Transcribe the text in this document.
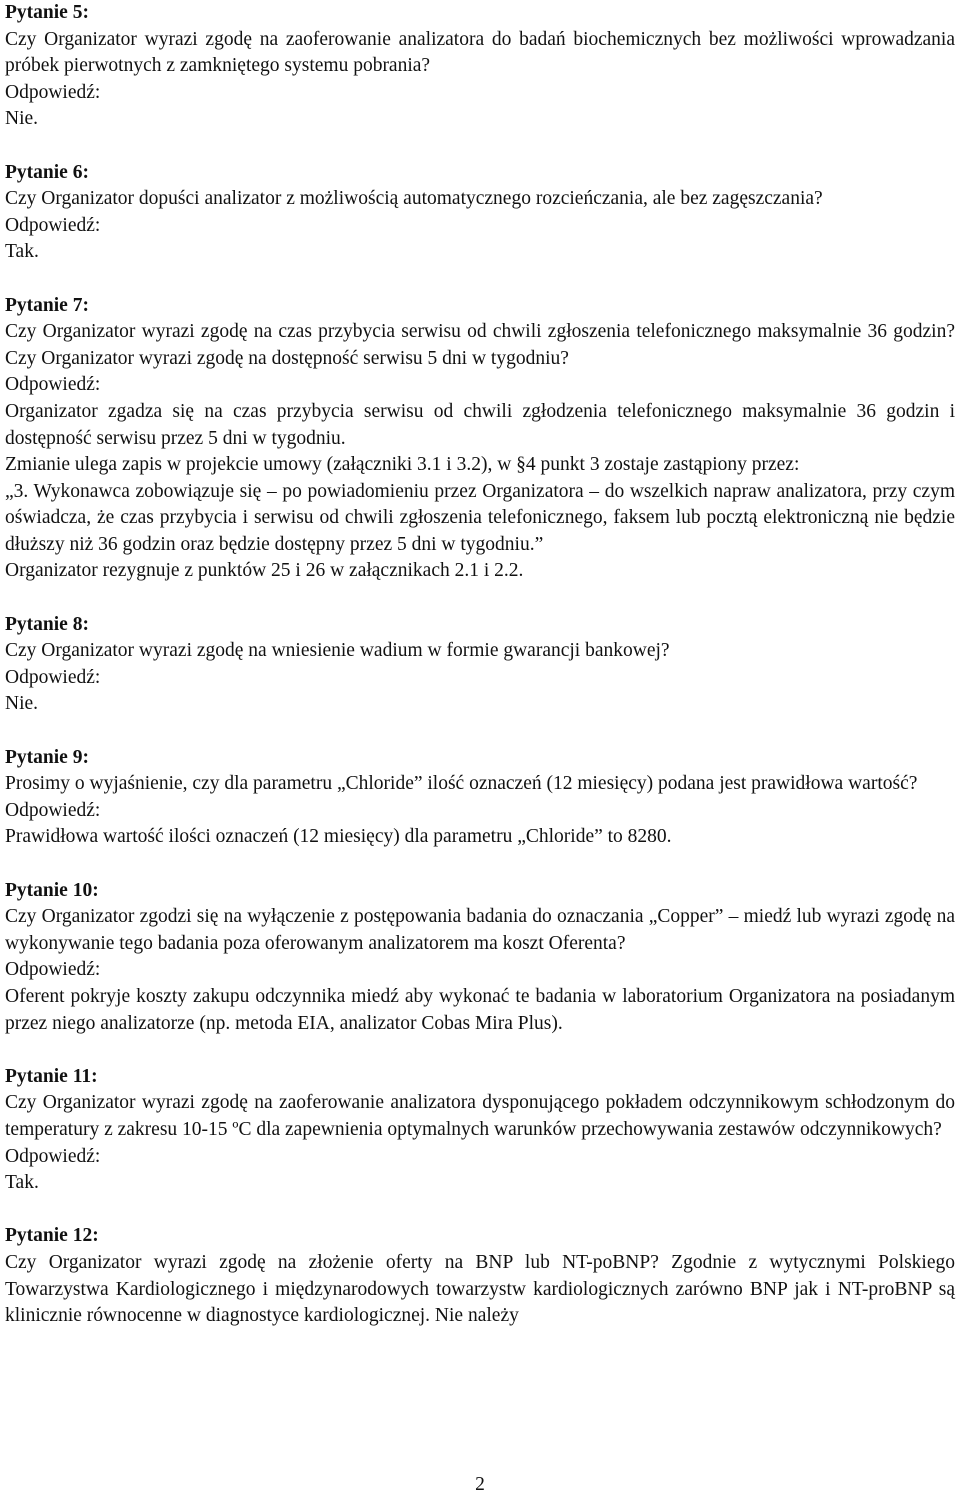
Pytanie 5:

Czy Organizator wyrazi zgodę na zaoferowanie analizatora do badań biochemicznych bez możliwości wprowadzania próbek pierwotnych z zamkniętego systemu pobrania?

Odpowiedź:

Nie.

Pytanie 6:

Czy Organizator dopuści analizator z możliwością automatycznego rozcieńczania, ale bez zagęszczania?

Odpowiedź:

Tak.

Pytanie 7:

Czy Organizator wyrazi zgodę na czas przybycia serwisu od chwili zgłoszenia telefonicznego maksymalnie 36 godzin? Czy Organizator wyrazi zgodę na dostępność serwisu 5 dni w tygodniu?

Odpowiedź:

Organizator zgadza się na czas przybycia serwisu od chwili zgłodzenia telefonicznego maksymalnie 36 godzin i dostępność serwisu przez 5 dni w tygodniu.

Zmianie ulega zapis w projekcie umowy (załączniki 3.1 i 3.2), w §4 punkt 3 zostaje zastąpiony przez:

„3. Wykonawca zobowiązuje się – po powiadomieniu przez Organizatora – do wszelkich napraw analizatora, przy czym oświadcza, że czas przybycia i serwisu od chwili zgłoszenia telefonicznego, faksem lub pocztą elektroniczną nie będzie dłuższy niż 36 godzin oraz będzie dostępny przez 5 dni w tygodniu.”

Organizator rezygnuje z punktów 25 i 26 w załącznikach 2.1 i 2.2.

Pytanie 8:

Czy Organizator wyrazi zgodę na wniesienie wadium w formie gwarancji bankowej?

Odpowiedź:

Nie.

Pytanie 9:

Prosimy o wyjaśnienie, czy dla parametru „Chloride” ilość oznaczeń (12 miesięcy) podana jest prawidłowa wartość?

Odpowiedź:

Prawidłowa wartość ilości oznaczeń (12 miesięcy) dla parametru „Chloride” to 8280.

Pytanie 10:

Czy Organizator zgodzi się na wyłączenie z postępowania badania do oznaczania „Copper” – miedź lub wyrazi zgodę na wykonywanie tego badania poza oferowanym analizatorem ma koszt Oferenta?

Odpowiedź:

Oferent pokryje koszty zakupu odczynnika miedź aby wykonać te badania w laboratorium Organizatora na posiadanym przez niego analizatorze (np. metoda EIA, analizator Cobas Mira Plus).

Pytanie 11:

Czy Organizator wyrazi zgodę na zaoferowanie analizatora dysponującego pokładem odczynnikowym schłodzonym do temperatury z zakresu 10-15 ºC dla zapewnienia optymalnych warunków przechowywania zestawów odczynnikowych?

Odpowiedź:

Tak.

Pytanie 12:

Czy Organizator wyrazi zgodę na złożenie oferty na BNP lub NT-poBNP? Zgodnie z wytycznymi Polskiego Towarzystwa Kardiologicznego i międzynarodowych towarzystw kardiologicznych zarówno BNP jak i NT-proBNP są klinicznie równocenne w diagnostyce kardiologicznej. Nie należy

2
